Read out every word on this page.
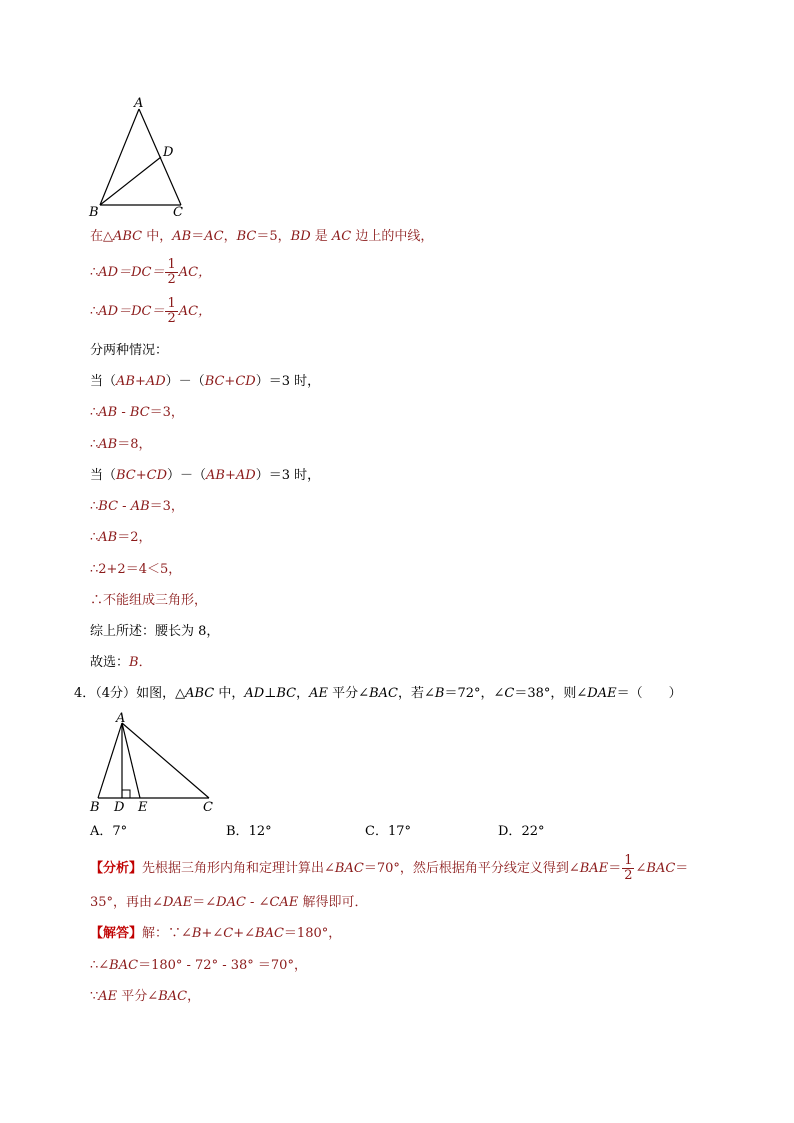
A
D
B	C
在△ABC 中，AB＝AC，BC＝5，BD 是 AC 边上的中线，
∴AD＝DC＝ $\frac{1}{2}$ AC，
∴AD＝DC＝ $\frac{1}{2}$ AC，
分两种情况：
当（AB+AD）－（BC+CD）＝3 时，
∴AB - BC＝3，
∴AB＝8，
当（BC+CD）－（AB+AD）＝3 时，
∴BC - AB＝3，
∴AB＝2，
∴2+2＝4＜5，
∴不能组成三角形，
综上所述：腰长为 8，
故选：B．
4．（4分）如图，△ABC 中，AD⊥BC，AE 平分∠BAC，若∠B＝72°，∠C＝38°，则∠DAE＝（　　）
A
B D E	C
A．7°	B．12°	C．17°	D．22°
【分析】先根据三角形内角和定理计算出∠BAC＝70°，然后根据角平分线定义得到∠BAE＝ $\frac{1}{2}$ ∠BAC＝
35°，再由∠DAE＝∠DAC - ∠CAE 解得即可．
【解答】解：∵∠B+∠C+∠BAC＝180°，
∴∠BAC＝180° - 72° - 38° ＝70°，
∵AE 平分∠BAC，
